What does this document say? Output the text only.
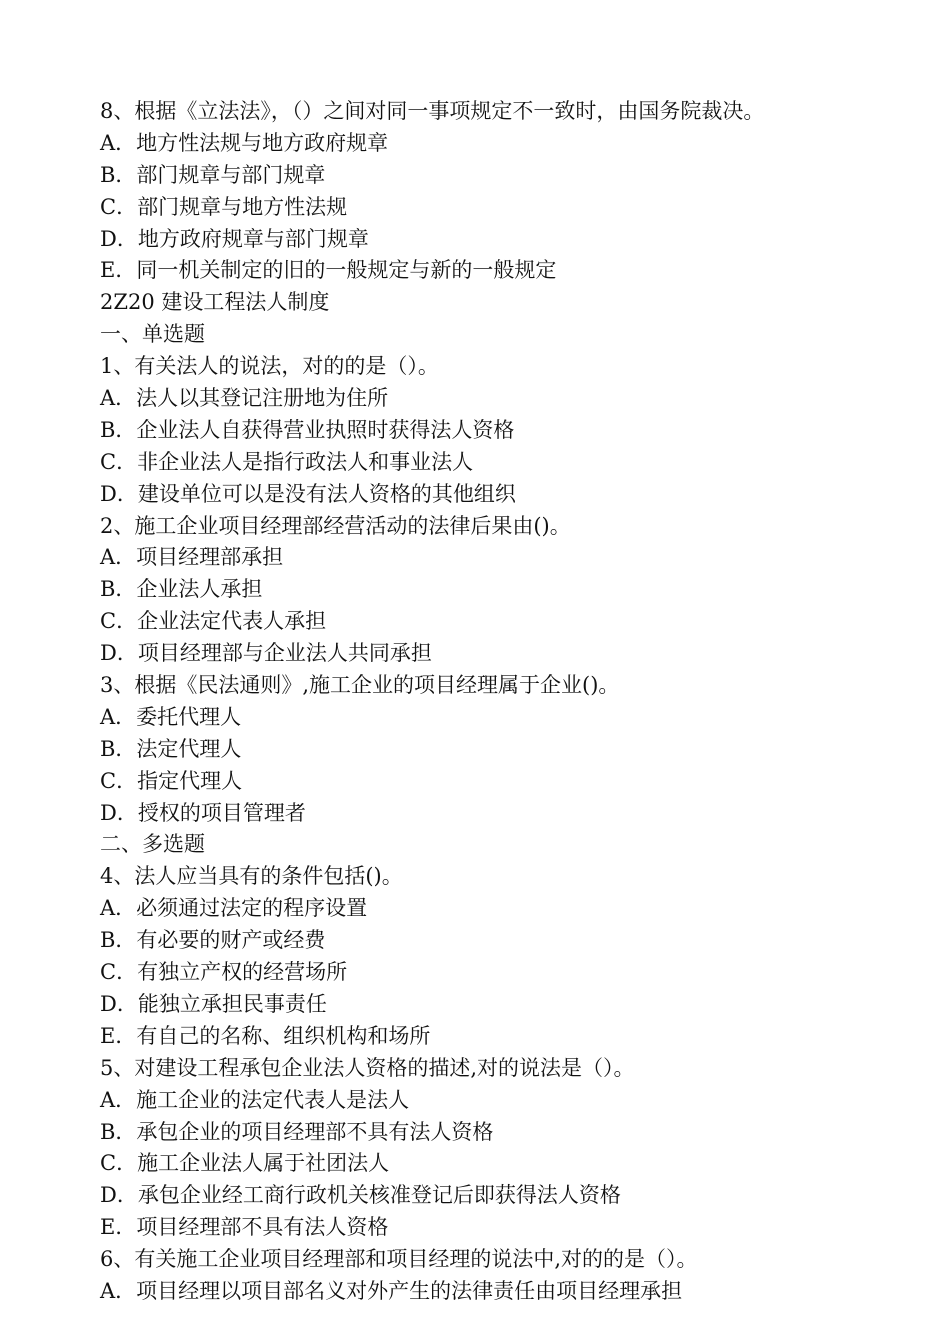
8、根据《立法法》，（）之间对同一事项规定不一致时，由国务院裁决。
A．地方性法规与地方政府规章
B．部门规章与部门规章
C．部门规章与地方性法规
D．地方政府规章与部门规章
E．同一机关制定的旧的一般规定与新的一般规定
2Z20 建设工程法人制度
一、单选题
1、有关法人的说法，对的的是（）。
A．法人以其登记注册地为住所
B．企业法人自获得营业执照时获得法人资格
C．非企业法人是指行政法人和事业法人
D．建设单位可以是没有法人资格的其他组织
2、施工企业项目经理部经营活动的法律后果由()。
A．项目经理部承担
B．企业法人承担
C．企业法定代表人承担
D．项目经理部与企业法人共同承担
3、根据《民法通则》,施工企业的项目经理属于企业()。
A．委托代理人
B．法定代理人
C．指定代理人
D．授权的项目管理者
二、多选题
4、法人应当具有的条件包括()。
A．必须通过法定的程序设置
B．有必要的财产或经费
C．有独立产权的经营场所
D．能独立承担民事责任
E．有自己的名称、组织机构和场所
5、对建设工程承包企业法人资格的描述,对的说法是（）。
A．施工企业的法定代表人是法人
B．承包企业的项目经理部不具有法人资格
C．施工企业法人属于社团法人
D．承包企业经工商行政机关核准登记后即获得法人资格
E．项目经理部不具有法人资格
6、有关施工企业项目经理部和项目经理的说法中,对的的是（）。
A．项目经理以项目部名义对外产生的法律责任由项目经理承担
